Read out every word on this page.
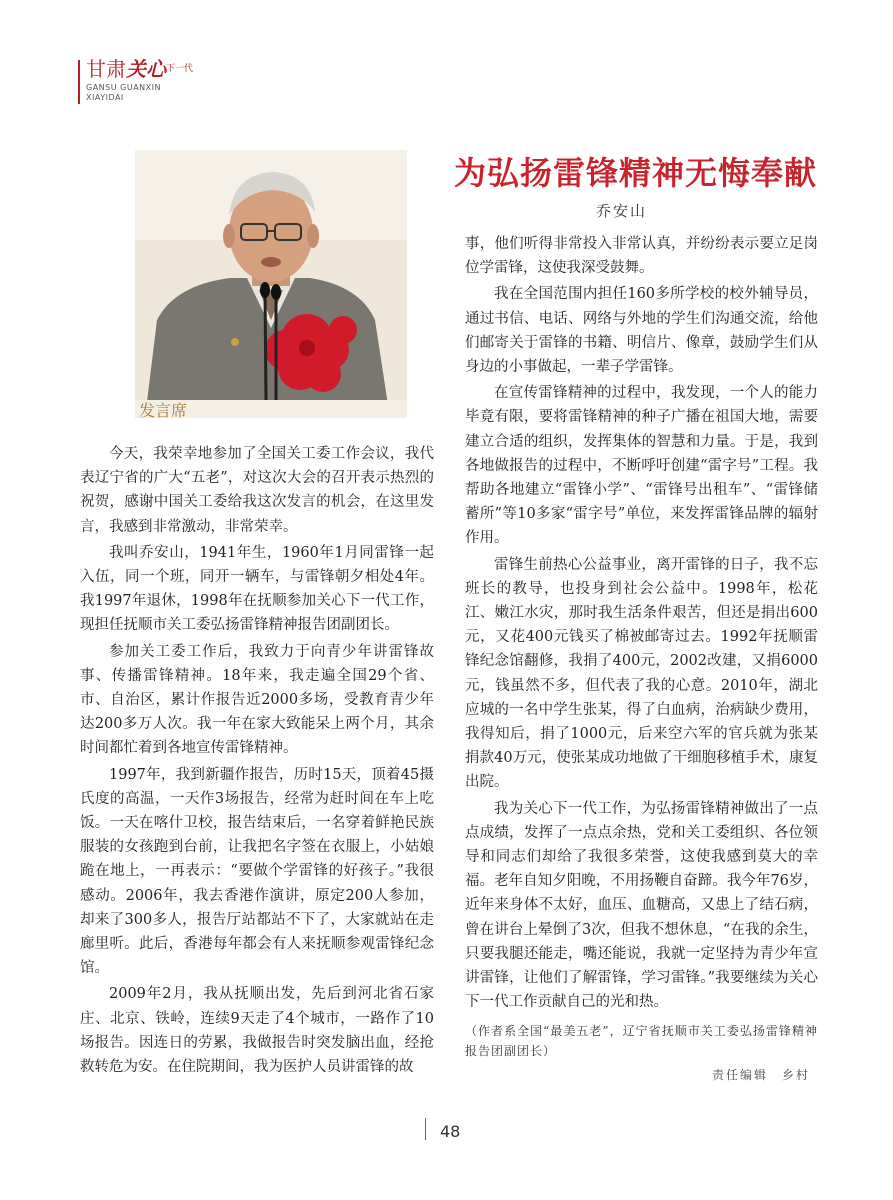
甘肃关心$^{下一代}$
GANSU GUANXIN
XIAYIDAI
发言席
为弘扬雷锋精神无悔奉献
乔安山

今天，我荣幸地参加了全国关工委工作会议，我代表辽宁省的广大“五老”，对这次大会的召开表示热烈的祝贺，感谢中国关工委给我这次发言的机会，在这里发言，我感到非常激动，非常荣幸。

我叫乔安山，1941年生，1960年1月同雷锋一起入伍，同一个班，同开一辆车，与雷锋朝夕相处4年。我1997年退休，1998年在抚顺参加关心下一代工作，现担任抚顺市关工委弘扬雷锋精神报告团副团长。

参加关工委工作后，我致力于向青少年讲雷锋故事、传播雷锋精神。18年来，我走遍全国29个省、市、自治区，累计作报告近2000多场，受教育青少年达200多万人次。我一年在家大致能呆上两个月，其余时间都忙着到各地宣传雷锋精神。

1997年，我到新疆作报告，历时15天，顶着45摄氏度的高温，一天作3场报告，经常为赶时间在车上吃饭。一天在喀什卫校，报告结束后，一名穿着鲜艳民族服装的女孩跑到台前，让我把名字签在衣服上，小姑娘跪在地上，一再表示：“要做个学雷锋的好孩子。”我很感动。2006年，我去香港作演讲，原定200人参加，却来了300多人，报告厅站都站不下了，大家就站在走廊里听。此后，香港每年都会有人来抚顺参观雷锋纪念馆。

2009年2月，我从抚顺出发，先后到河北省石家庄、北京、铁岭，连续9天走了4个城市，一路作了10场报告。因连日的劳累，我做报告时突发脑出血，经抢救转危为安。在住院期间，我为医护人员讲雷锋的故

事，他们听得非常投入非常认真，并纷纷表示要立足岗位学雷锋，这使我深受鼓舞。

我在全国范围内担任160多所学校的校外辅导员，通过书信、电话、网络与外地的学生们沟通交流，给他们邮寄关于雷锋的书籍、明信片、像章，鼓励学生们从身边的小事做起，一辈子学雷锋。

在宣传雷锋精神的过程中，我发现，一个人的能力毕竟有限，要将雷锋精神的种子广播在祖国大地，需要建立合适的组织，发挥集体的智慧和力量。于是，我到各地做报告的过程中，不断呼吁创建“雷字号”工程。我帮助各地建立“雷锋小学”、“雷锋号出租车”、“雷锋储蓄所”等10多家“雷字号”单位，来发挥雷锋品牌的辐射作用。

雷锋生前热心公益事业，离开雷锋的日子，我不忘班长的教导，也投身到社会公益中。1998年，松花江、嫩江水灾，那时我生活条件艰苦，但还是捐出600元，又花400元钱买了棉被邮寄过去。1992年抚顺雷锋纪念馆翻修，我捐了400元，2002改建，又捐6000元，钱虽然不多，但代表了我的心意。2010年，湖北应城的一名中学生张某，得了白血病，治病缺少费用，我得知后，捐了1000元，后来空六军的官兵就为张某捐款40万元，使张某成功地做了干细胞移植手术，康复出院。

我为关心下一代工作，为弘扬雷锋精神做出了一点点成绩，发挥了一点点余热，党和关工委组织、各位领导和同志们却给了我很多荣誉，这使我感到莫大的幸福。老年自知夕阳晚，不用扬鞭自奋蹄。我今年76岁，近年来身体不太好，血压、血糖高，又患上了结石病，曾在讲台上晕倒了3次，但我不想休息，“在我的余生，只要我腿还能走，嘴还能说，我就一定坚持为青少年宣讲雷锋，让他们了解雷锋，学习雷锋。”我要继续为关心下一代工作贡献自己的光和热。

（作者系全国“最美五老”，辽宁省抚顺市关工委弘扬雷锋精神报告团副团长）
责任编辑　乡村
48
